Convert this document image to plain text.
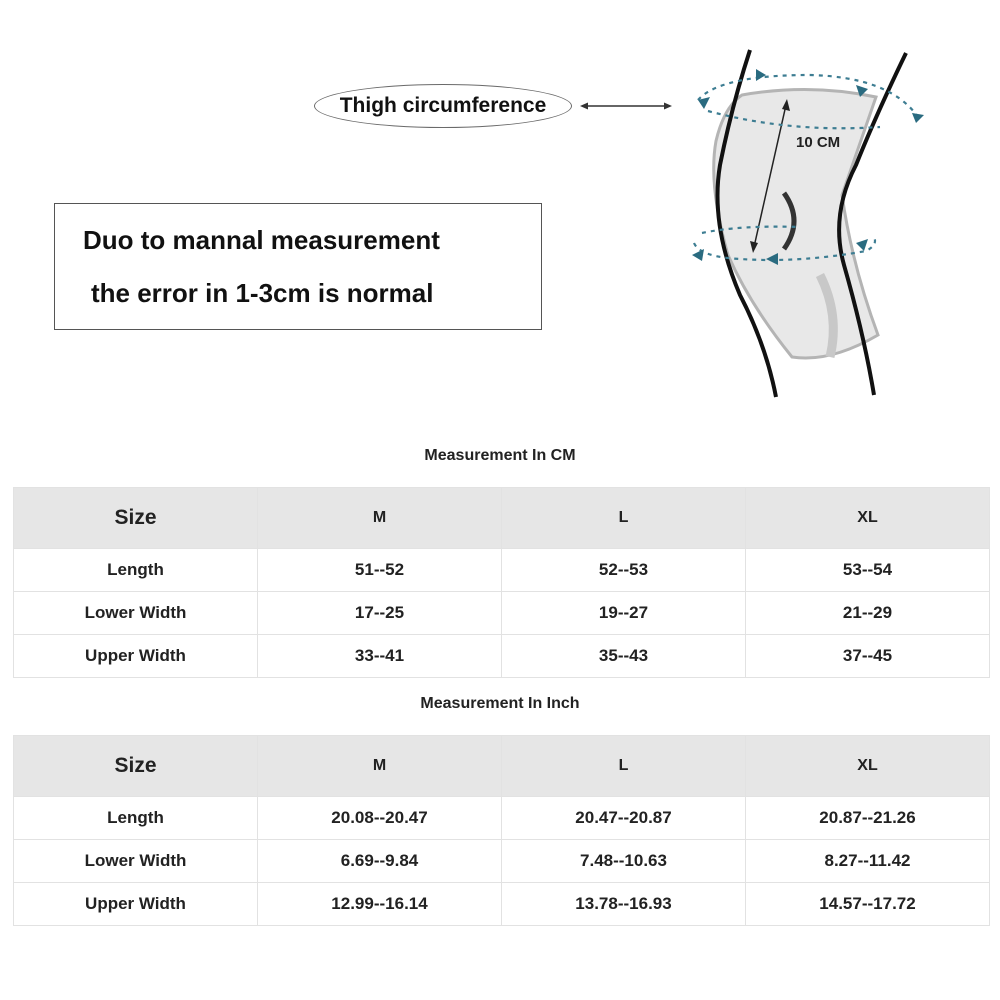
Thigh circumference
Duo to mannal measurement
the error in 1-3cm is normal
10 CM
Measurement In CM
Size	M	L	XL
Length	51--52	52--53	53--54
Lower Width	17--25	19--27	21--29
Upper Width	33--41	35--43	37--45
Measurement In Inch
Size	M	L	XL
Length	20.08--20.47	20.47--20.87	20.87--21.26
Lower Width	6.69--9.84	7.48--10.63	8.27--11.42
Upper Width	12.99--16.14	13.78--16.93	14.57--17.72
